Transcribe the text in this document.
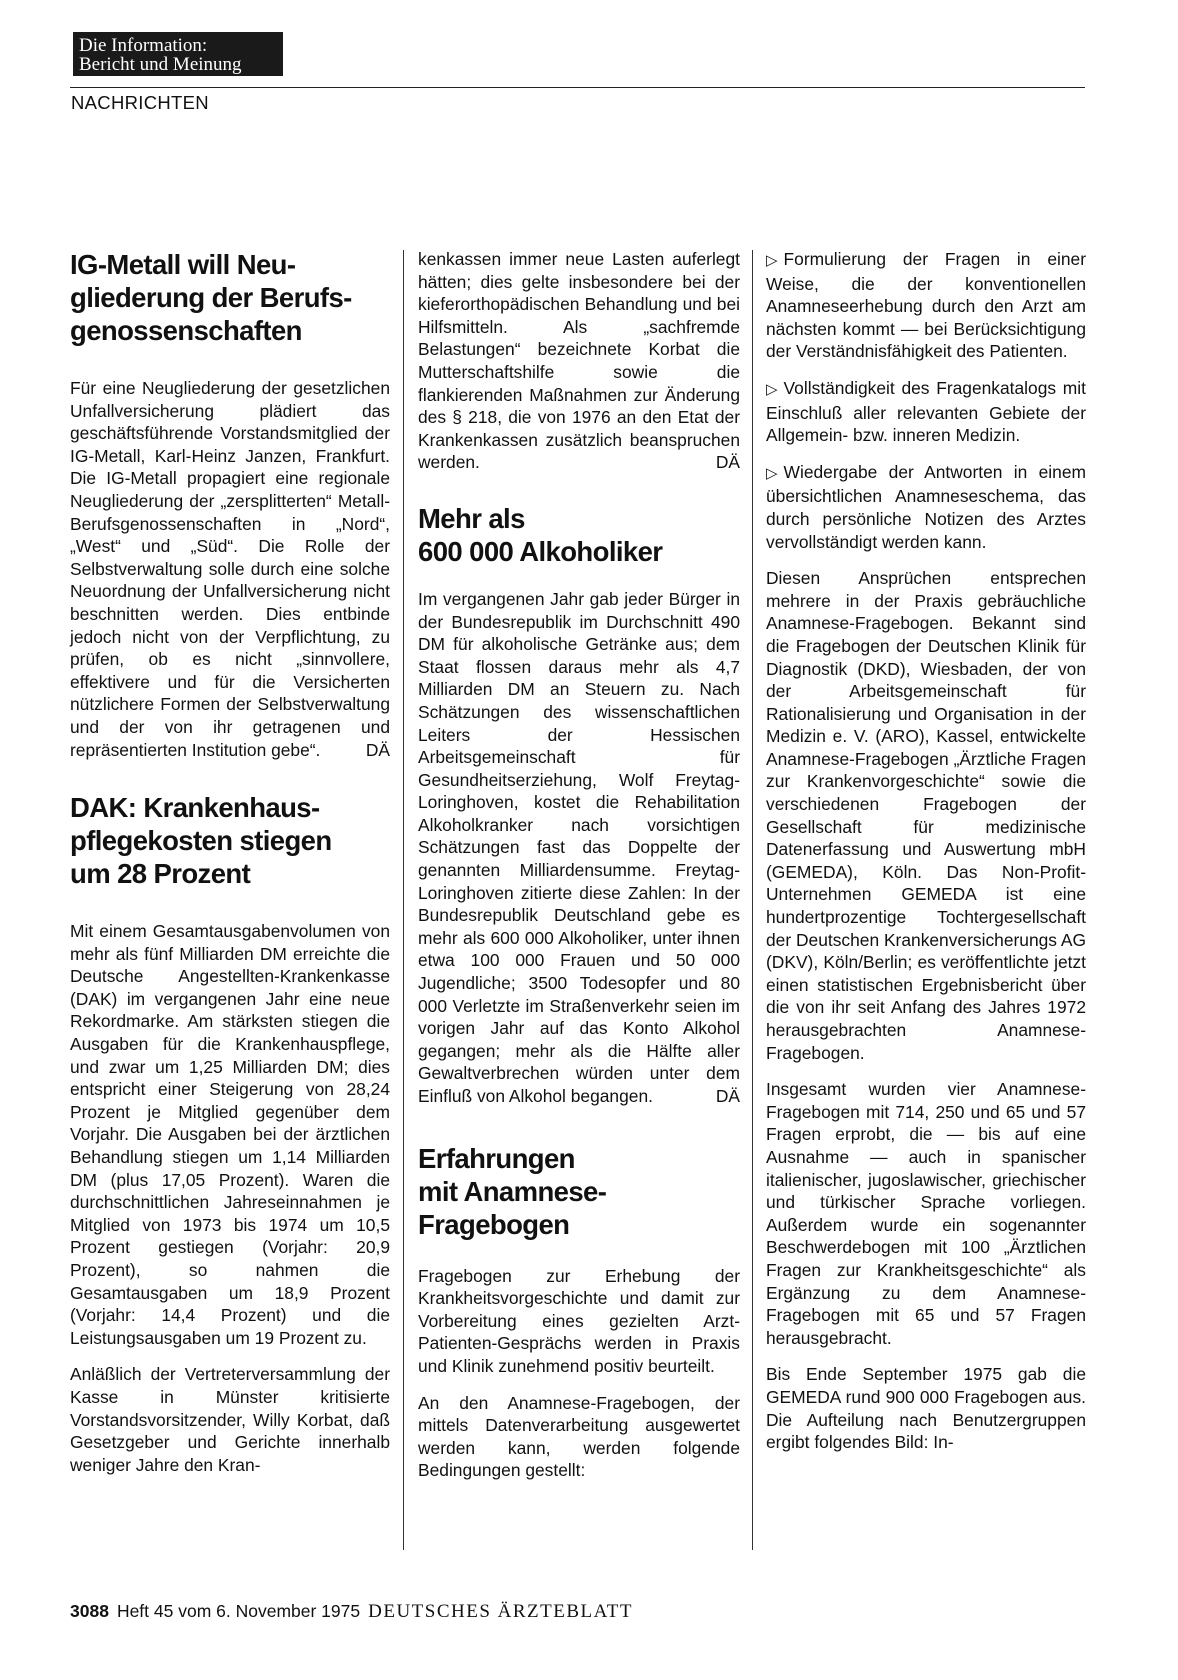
Die Information:
Bericht und Meinung
NACHRICHTEN
IG-Metall will Neu-
gliederung der Berufs-
genossenschaften

Für eine Neugliederung der gesetzlichen Unfallversicherung plädiert das geschäftsführende Vorstandsmitglied der IG-Metall, Karl-Heinz Janzen, Frankfurt. Die IG-Metall propagiert eine regionale Neugliederung der „zersplitterten“ Metall-Berufsgenossenschaften in „Nord“, „West“ und „Süd“. Die Rolle der Selbstverwaltung solle durch eine solche Neuordnung der Unfallversicherung nicht beschnitten werden. Dies entbinde jedoch nicht von der Verpflichtung, zu prüfen, ob es nicht „sinnvollere, effektivere und für die Versicherten nützlichere Formen der Selbstverwaltung und der von ihr getragenen und repräsentierten Institution gebe“.	DÄ

DAK: Krankenhaus-
pflegekosten stiegen
um 28 Prozent

Mit einem Gesamtausgabenvolumen von mehr als fünf Milliarden DM erreichte die Deutsche Angestellten-Krankenkasse (DAK) im vergangenen Jahr eine neue Rekordmarke. Am stärksten stiegen die Ausgaben für die Krankenhauspflege, und zwar um 1,25 Milliarden DM; dies entspricht einer Steigerung von 28,24 Prozent je Mitglied gegenüber dem Vorjahr. Die Ausgaben bei der ärztlichen Behandlung stiegen um 1,14 Milliarden DM (plus 17,05 Prozent). Waren die durchschnittlichen Jahreseinnahmen je Mitglied von 1973 bis 1974 um 10,5 Prozent gestiegen (Vorjahr: 20,9 Prozent), so nahmen die Gesamtausgaben um 18,9 Prozent (Vorjahr: 14,4 Prozent) und die Leistungsausgaben um 19 Prozent zu.

Anläßlich der Vertreterversammlung der Kasse in Münster kritisierte Vorstandsvorsitzender, Willy Korbat, daß Gesetzgeber und Gerichte innerhalb weniger Jahre den Kran-

kenkassen immer neue Lasten auferlegt hätten; dies gelte insbesondere bei der kieferorthopädischen Behandlung und bei Hilfsmitteln. Als „sachfremde Belastungen“ bezeichnete Korbat die Mutterschaftshilfe sowie die flankierenden Maßnahmen zur Änderung des § 218, die von 1976 an den Etat der Krankenkassen zusätzlich beanspruchen werden.	DÄ

Mehr als
600 000 Alkoholiker

Im vergangenen Jahr gab jeder Bürger in der Bundesrepublik im Durchschnitt 490 DM für alkoholische Getränke aus; dem Staat flossen daraus mehr als 4,7 Milliarden DM an Steuern zu. Nach Schätzungen des wissenschaftlichen Leiters der Hessischen Arbeitsgemeinschaft für Gesundheitserziehung, Wolf Freytag-Loringhoven, kostet die Rehabilitation Alkoholkranker nach vorsichtigen Schätzungen fast das Doppelte der genannten Milliardensumme. Freytag-Loringhoven zitierte diese Zahlen: In der Bundesrepublik Deutschland gebe es mehr als 600 000 Alkoholiker, unter ihnen etwa 100 000 Frauen und 50 000 Jugendliche; 3500 Todesopfer und 80 000 Verletzte im Straßenverkehr seien im vorigen Jahr auf das Konto Alkohol gegangen; mehr als die Hälfte aller Gewaltverbrechen würden unter dem Einfluß von Alkohol begangen.	DÄ

Erfahrungen
mit Anamnese-
Fragebogen

Fragebogen zur Erhebung der Krankheitsvorgeschichte und damit zur Vorbereitung eines gezielten Arzt-Patienten-Gesprächs werden in Praxis und Klinik zunehmend positiv beurteilt.

An den Anamnese-Fragebogen, der mittels Datenverarbeitung ausgewertet werden kann, werden folgende Bedingungen gestellt:

▷ Formulierung der Fragen in einer Weise, die der konventionellen Anamneseerhebung durch den Arzt am nächsten kommt — bei Berücksichtigung der Verständnisfähigkeit des Patienten.

▷ Vollständigkeit des Fragenkatalogs mit Einschluß aller relevanten Gebiete der Allgemein- bzw. inneren Medizin.

▷ Wiedergabe der Antworten in einem übersichtlichen Anamneseschema, das durch persönliche Notizen des Arztes vervollständigt werden kann.

Diesen Ansprüchen entsprechen mehrere in der Praxis gebräuchliche Anamnese-Fragebogen. Bekannt sind die Fragebogen der Deutschen Klinik für Diagnostik (DKD), Wiesbaden, der von der Arbeitsgemeinschaft für Rationalisierung und Organisation in der Medizin e. V. (ARO), Kassel, entwickelte Anamnese-Fragebogen „Ärztliche Fragen zur Krankenvorgeschichte“ sowie die verschiedenen Fragebogen der Gesellschaft für medizinische Datenerfassung und Auswertung mbH (GEMEDA), Köln. Das Non-Profit-Unternehmen GEMEDA ist eine hundertprozentige Tochtergesellschaft der Deutschen Krankenversicherungs AG (DKV), Köln/Berlin; es veröffentlichte jetzt einen statistischen Ergebnisbericht über die von ihr seit Anfang des Jahres 1972 herausgebrachten Anamnese-Fragebogen.

Insgesamt wurden vier Anamnese-Fragebogen mit 714, 250 und 65 und 57 Fragen erprobt, die — bis auf eine Ausnahme — auch in spanischer italienischer, jugoslawischer, griechischer und türkischer Sprache vorliegen. Außerdem wurde ein sogenannter Beschwerdebogen mit 100 „Ärztlichen Fragen zur Krankheitsgeschichte“ als Ergänzung zu dem Anamnese-Fragebogen mit 65 und 57 Fragen herausgebracht.

Bis Ende September 1975 gab die GEMEDA rund 900 000 Fragebogen aus. Die Aufteilung nach Benutzergruppen ergibt folgendes Bild: In-

3088 Heft 45 vom 6. November 1975 DEUTSCHES ÄRZTEBLATT
